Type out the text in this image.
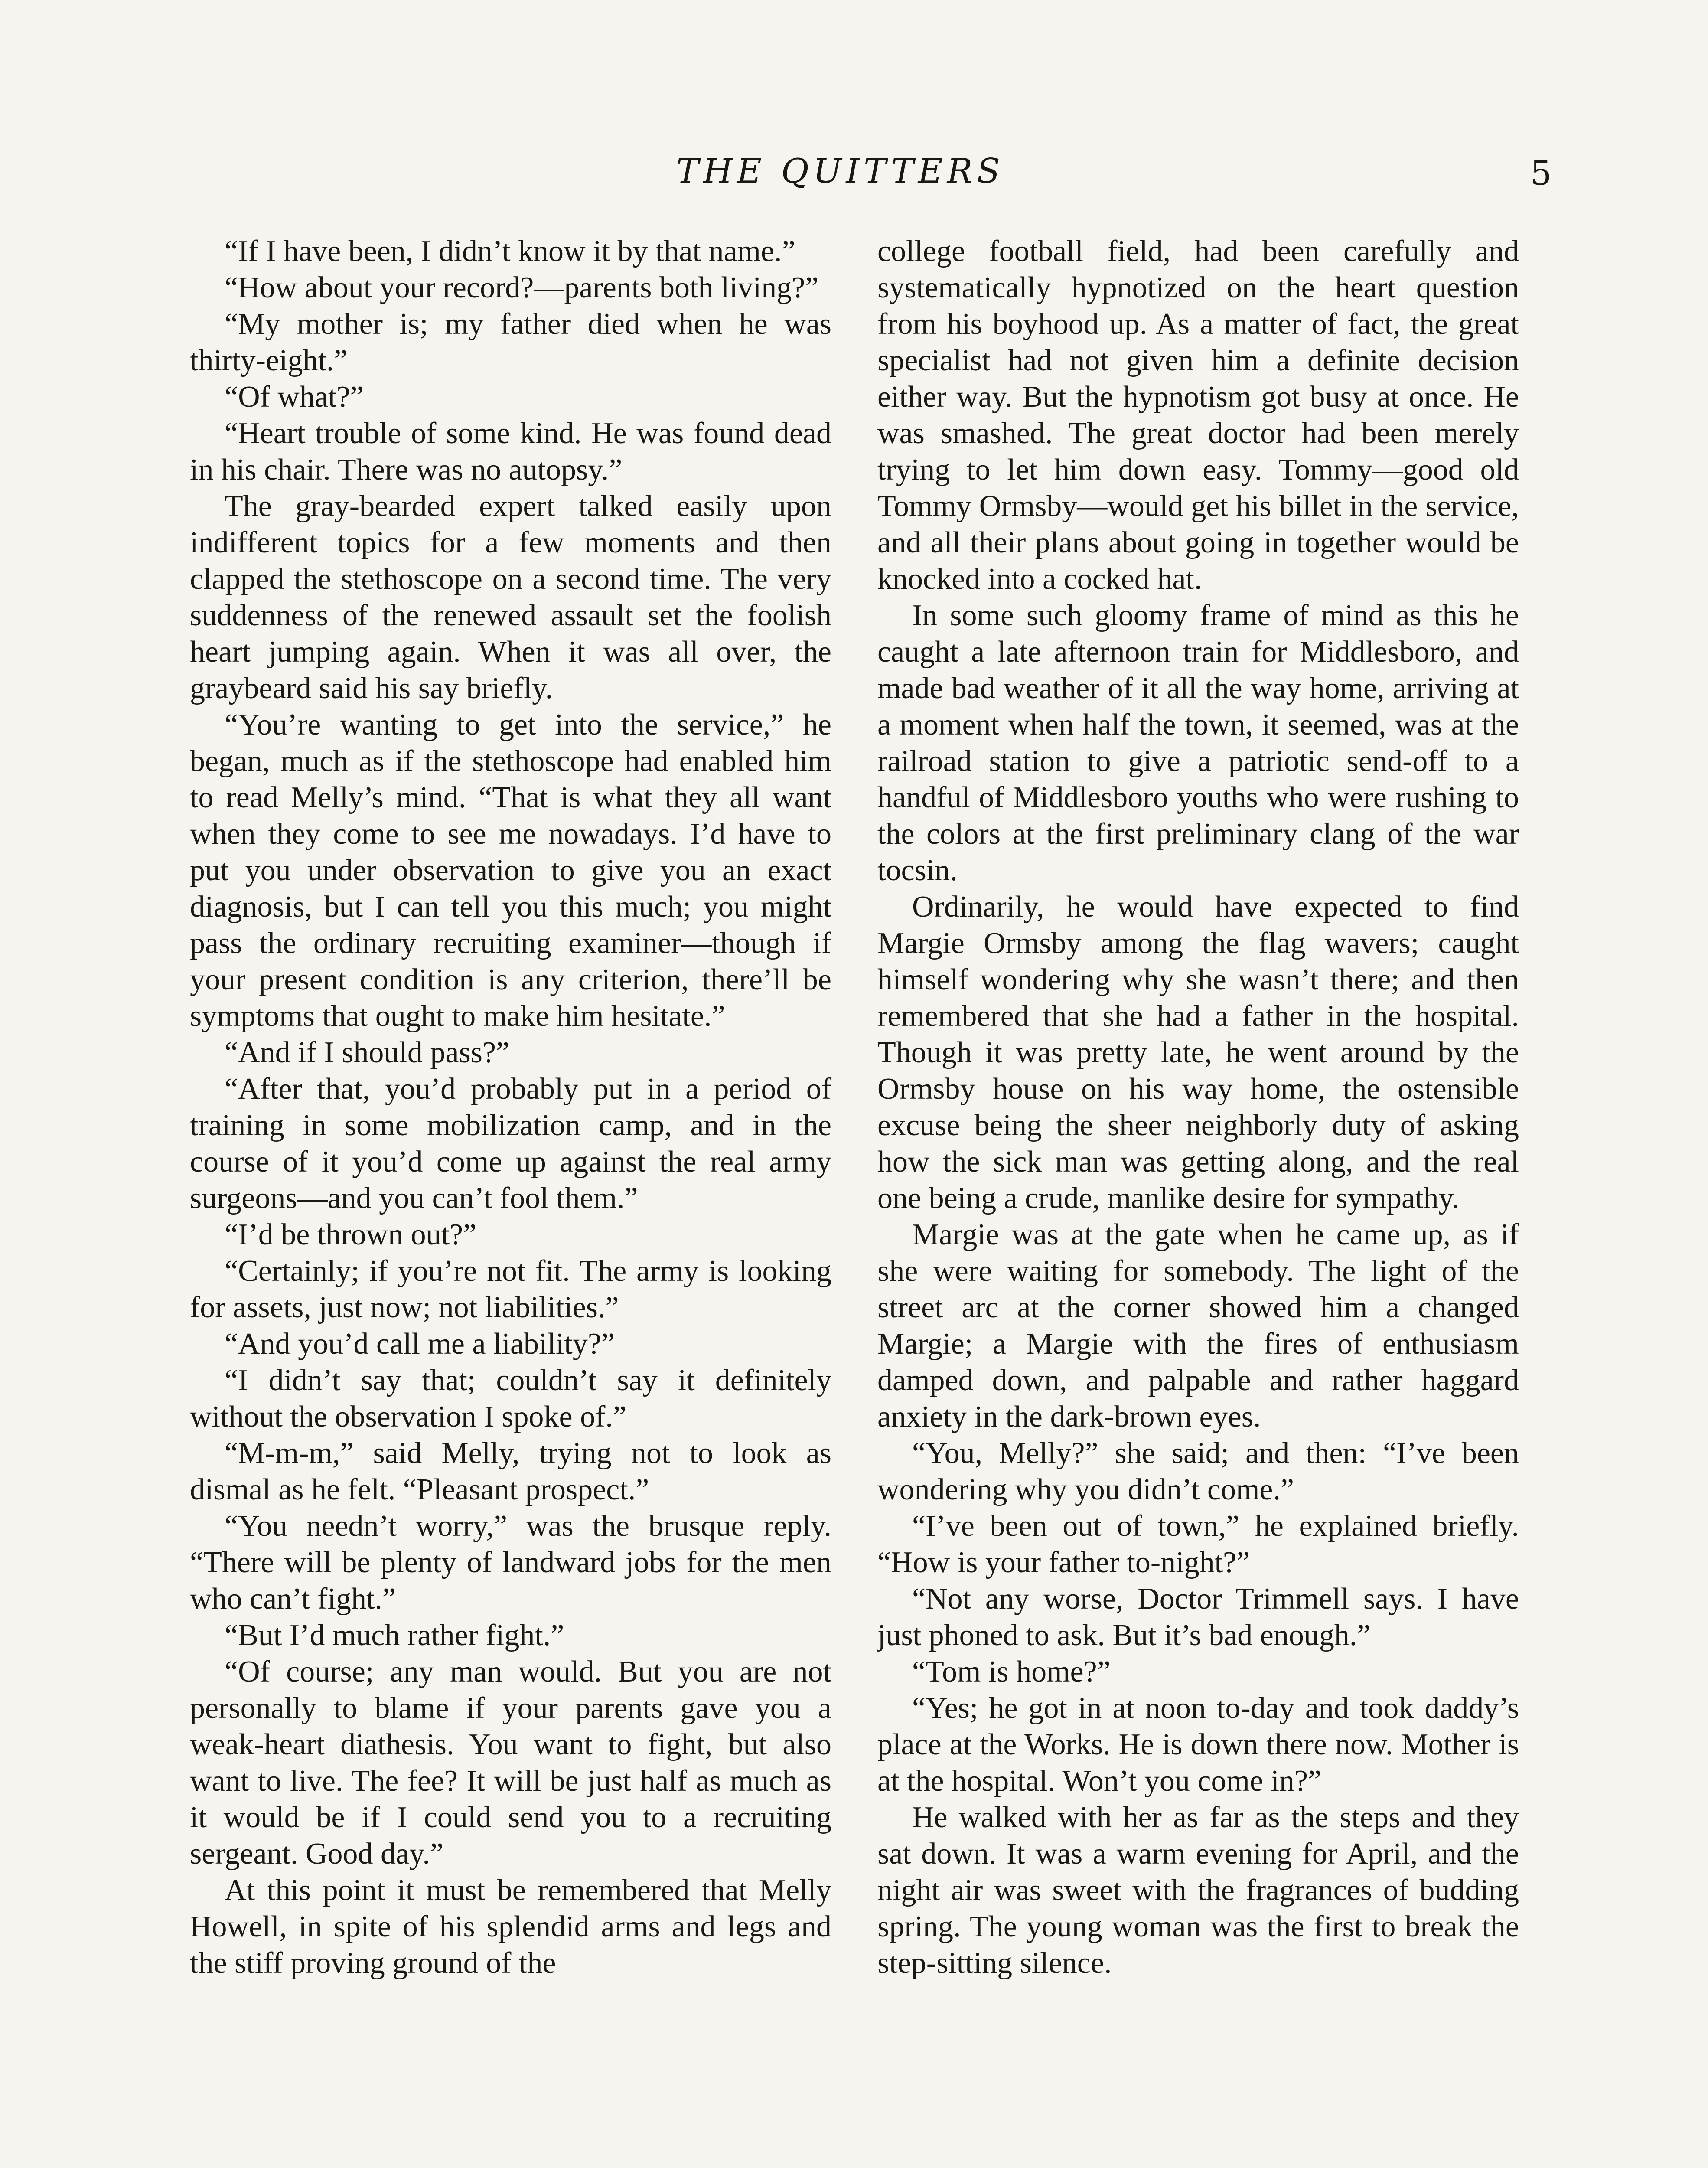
THE QUITTERS	5

“If I have been, I didn’t know it by that name.”

“How about your record?—parents both living?”

“My mother is; my father died when he was thirty-eight.”

“Of what?”

“Heart trouble of some kind. He was found dead in his chair. There was no autopsy.”

The gray-bearded expert talked easily upon indifferent topics for a few moments and then clapped the stethoscope on a second time. The very suddenness of the renewed assault set the foolish heart jumping again. When it was all over, the graybeard said his say briefly.

“You’re wanting to get into the service,” he began, much as if the stethoscope had enabled him to read Melly’s mind. “That is what they all want when they come to see me nowadays. I’d have to put you under observation to give you an exact diagnosis, but I can tell you this much; you might pass the ordinary recruiting examiner—though if your present condition is any criterion, there’ll be symptoms that ought to make him hesitate.”

“And if I should pass?”

“After that, you’d probably put in a period of training in some mobilization camp, and in the course of it you’d come up against the real army surgeons—and you can’t fool them.”

“I’d be thrown out?”

“Certainly; if you’re not fit. The army is looking for assets, just now; not liabilities.”

“And you’d call me a liability?”

“I didn’t say that; couldn’t say it definitely without the observation I spoke of.”

“M-m-m,” said Melly, trying not to look as dismal as he felt. “Pleasant prospect.”

“You needn’t worry,” was the brusque reply. “There will be plenty of landward jobs for the men who can’t fight.”

“But I’d much rather fight.”

“Of course; any man would. But you are not personally to blame if your parents gave you a weak-heart diathesis. You want to fight, but also want to live. The fee? It will be just half as much as it would be if I could send you to a recruiting sergeant. Good day.”

At this point it must be remembered that Melly Howell, in spite of his splendid arms and legs and the stiff proving ground of the

college football field, had been carefully and systematically hypnotized on the heart question from his boyhood up. As a matter of fact, the great specialist had not given him a definite decision either way. But the hypnotism got busy at once. He was smashed. The great doctor had been merely trying to let him down easy. Tommy—good old Tommy Ormsby—would get his billet in the service, and all their plans about going in together would be knocked into a cocked hat.

In some such gloomy frame of mind as this he caught a late afternoon train for Middlesboro, and made bad weather of it all the way home, arriving at a moment when half the town, it seemed, was at the railroad station to give a patriotic send-off to a handful of Middlesboro youths who were rushing to the colors at the first preliminary clang of the war tocsin.

Ordinarily, he would have expected to find Margie Ormsby among the flag wavers; caught himself wondering why she wasn’t there; and then remembered that she had a father in the hospital. Though it was pretty late, he went around by the Ormsby house on his way home, the ostensible excuse being the sheer neighborly duty of asking how the sick man was getting along, and the real one being a crude, manlike desire for sympathy.

Margie was at the gate when he came up, as if she were waiting for somebody. The light of the street arc at the corner showed him a changed Margie; a Margie with the fires of enthusiasm damped down, and palpable and rather haggard anxiety in the dark-brown eyes.

“You, Melly?” she said; and then: “I’ve been wondering why you didn’t come.”

“I’ve been out of town,” he explained briefly. “How is your father to-night?”

“Not any worse, Doctor Trimmell says. I have just phoned to ask. But it’s bad enough.”

“Tom is home?”

“Yes; he got in at noon to-day and took daddy’s place at the Works. He is down there now. Mother is at the hospital. Won’t you come in?”

He walked with her as far as the steps and they sat down. It was a warm evening for April, and the night air was sweet with the fragrances of budding spring. The young woman was the first to break the step-sitting silence.
